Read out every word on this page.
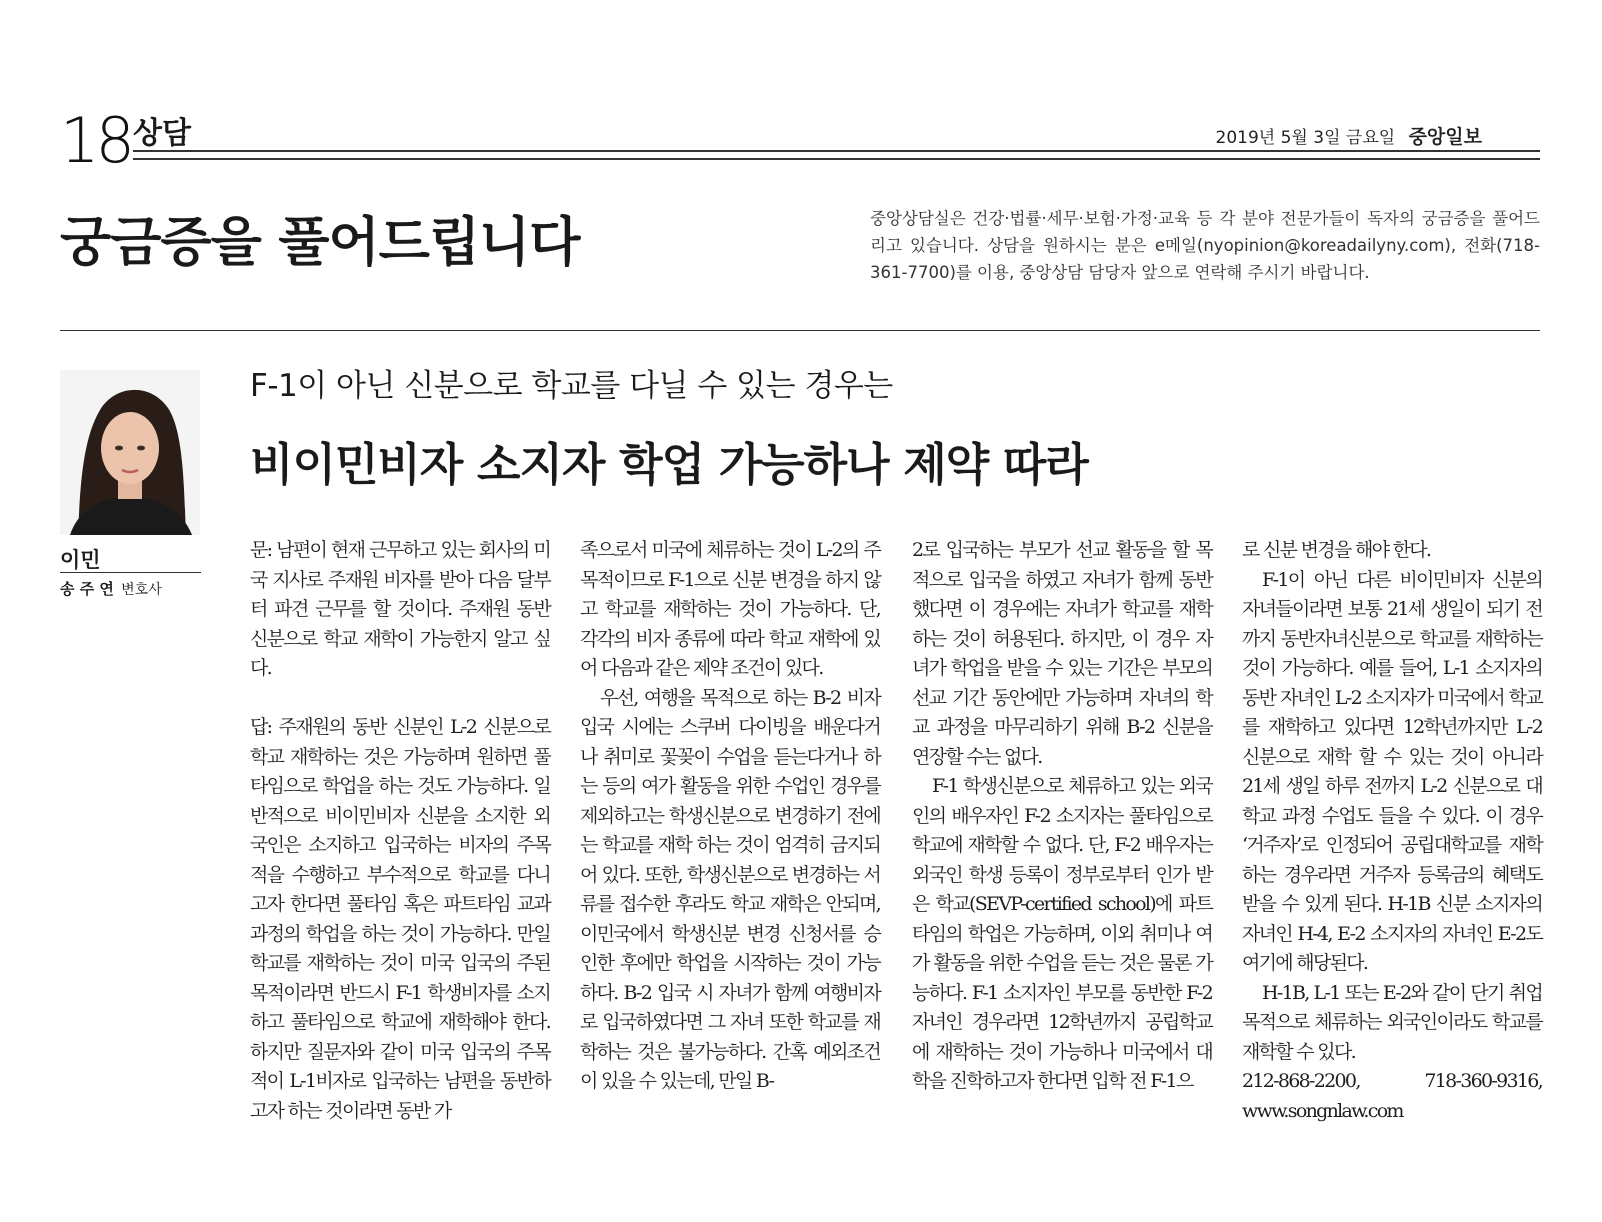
18 상담	2019년 5월 3일 금요일 중앙일보
궁금증을 풀어드립니다	중앙상담실은 건강·법률·세무·보험·가정·교육 등 각 분야 전문가들이 독자의 궁금증을 풀어드리고 있습니다. 상담을 원하시는 분은 e메일(nyopinion@koreadailyny.com), 전화(718-361-7700)를 이용, 중앙상담 담당자 앞으로 연락해 주시기 바랍니다.
이민
송 주 연 변호사
F-1이 아닌 신분으로 학교를 다닐 수 있는 경우는
비이민비자 소지자 학업 가능하나 제약 따라

문: 남편이 현재 근무하고 있는 회사의 미국 지사로 주재원 비자를 받아 다음 달부터 파견 근무를 할 것이다. 주재원 동반 신분으로 학교 재학이 가능한지 알고 싶다.

답: 주재원의 동반 신분인 L-2 신분으로 학교 재학하는 것은 가능하며 원하면 풀타임으로 학업을 하는 것도 가능하다. 일반적으로 비이민비자 신분을 소지한 외국인은 소지하고 입국하는 비자의 주목적을 수행하고 부수적으로 학교를 다니고자 한다면 풀타임 혹은 파트타임 교과과정의 학업을 하는 것이 가능하다. 만일 학교를 재학하는 것이 미국 입국의 주된 목적이라면 반드시 F-1 학생비자를 소지하고 풀타임으로 학교에 재학해야 한다. 하지만 질문자와 같이 미국 입국의 주목적이 L-1비자로 입국하는 남편을 동반하고자 하는 것이라면 동반 가

족으로서 미국에 체류하는 것이 L-2의 주목적이므로 F-1으로 신분 변경을 하지 않고 학교를 재학하는 것이 가능하다. 단, 각각의 비자 종류에 따라 학교 재학에 있어 다음과 같은 제약 조건이 있다.

우선, 여행을 목적으로 하는 B-2 비자 입국 시에는 스쿠버 다이빙을 배운다거나 취미로 꽃꽂이 수업을 듣는다거나 하는 등의 여가 활동을 위한 수업인 경우를 제외하고는 학생신분으로 변경하기 전에는 학교를 재학 하는 것이 엄격히 금지되어 있다. 또한, 학생신분으로 변경하는 서류를 접수한 후라도 학교 재학은 안되며, 이민국에서 학생신분 변경 신청서를 승인한 후에만 학업을 시작하는 것이 가능하다. B-2 입국 시 자녀가 함께 여행비자로 입국하였다면 그 자녀 또한 학교를 재학하는 것은 불가능하다. 간혹 예외조건이 있을 수 있는데, 만일 B-

2로 입국하는 부모가 선교 활동을 할 목적으로 입국을 하였고 자녀가 함께 동반했다면 이 경우에는 자녀가 학교를 재학하는 것이 허용된다. 하지만, 이 경우 자녀가 학업을 받을 수 있는 기간은 부모의 선교 기간 동안에만 가능하며 자녀의 학교 과정을 마무리하기 위해 B-2 신분을 연장할 수는 없다.

F-1 학생신분으로 체류하고 있는 외국인의 배우자인 F-2 소지자는 풀타임으로 학교에 재학할 수 없다. 단, F-2 배우자는 외국인 학생 등록이 정부로부터 인가 받은 학교(SEVP-certified school)에 파트타임의 학업은 가능하며, 이외 취미나 여가 활동을 위한 수업을 듣는 것은 물론 가능하다. F-1 소지자인 부모를 동반한 F-2 자녀인 경우라면 12학년까지 공립학교에 재학하는 것이 가능하나 미국에서 대학을 진학하고자 한다면 입학 전 F-1으

로 신분 변경을 해야 한다.

F-1이 아닌 다른 비이민비자 신분의 자녀들이라면 보통 21세 생일이 되기 전까지 동반자녀신분으로 학교를 재학하는 것이 가능하다. 예를 들어, L-1 소지자의 동반 자녀인 L-2 소지자가 미국에서 학교를 재학하고 있다면 12학년까지만 L-2 신분으로 재학 할 수 있는 것이 아니라 21세 생일 하루 전까지 L-2 신분으로 대학교 과정 수업도 들을 수 있다. 이 경우 ‘거주자’로 인정되어 공립대학교를 재학하는 경우라면 거주자 등록금의 혜택도 받을 수 있게 된다. H-1B 신분 소지자의 자녀인 H-4, E-2 소지자의 자녀인 E-2도 여기에 해당된다.

H-1B, L-1 또는 E-2와 같이 단기 취업 목적으로 체류하는 외국인이라도 학교를 재학할 수 있다.

212-868-2200, 718-360-9316, www.songnlaw.com
